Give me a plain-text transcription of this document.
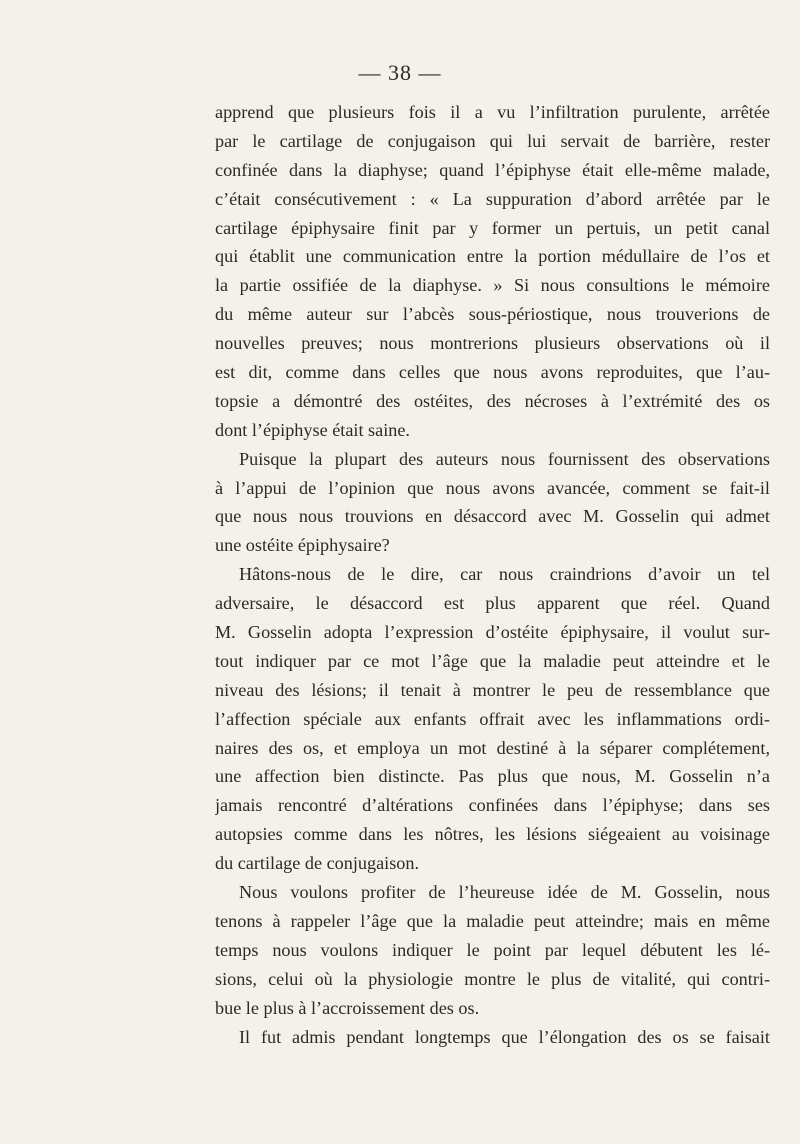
— 38 —
apprend que plusieurs fois il a vu l’infiltration purulente, arrêtée
par le cartilage de conjugaison qui lui servait de barrière, rester
confinée dans la diaphyse; quand l’épiphyse était elle-même malade,
c’était consécutivement : « La suppuration d’abord arrêtée par le
cartilage épiphysaire finit par y former un pertuis, un petit canal
qui établit une communication entre la portion médullaire de l’os et
la partie ossifiée de la diaphyse. » Si nous consultions le mémoire
du même auteur sur l’abcès sous-périostique, nous trouverions de
nouvelles preuves; nous montrerions plusieurs observations où il
est dit, comme dans celles que nous avons reproduites, que l’au-
topsie a démontré des ostéites, des nécroses à l’extrémité des os
dont l’épiphyse était saine.
Puisque la plupart des auteurs nous fournissent des observations
à l’appui de l’opinion que nous avons avancée, comment se fait-il
que nous nous trouvions en désaccord avec M. Gosselin qui admet
une ostéite épiphysaire?
Hâtons-nous de le dire, car nous craindrions d’avoir un tel
adversaire, le désaccord est plus apparent que réel. Quand
M. Gosselin adopta l’expression d’ostéite épiphysaire, il voulut sur-
tout indiquer par ce mot l’âge que la maladie peut atteindre et le
niveau des lésions; il tenait à montrer le peu de ressemblance que
l’affection spéciale aux enfants offrait avec les inflammations ordi-
naires des os, et employa un mot destiné à la séparer complétement,
une affection bien distincte. Pas plus que nous, M. Gosselin n’a
jamais rencontré d’altérations confinées dans l’épiphyse; dans ses
autopsies comme dans les nôtres, les lésions siégeaient au voisinage
du cartilage de conjugaison.
Nous voulons profiter de l’heureuse idée de M. Gosselin, nous
tenons à rappeler l’âge que la maladie peut atteindre; mais en même
temps nous voulons indiquer le point par lequel débutent les lé-
sions, celui où la physiologie montre le plus de vitalité, qui contri-
bue le plus à l’accroissement des os.
Il fut admis pendant longtemps que l’élongation des os se faisait
